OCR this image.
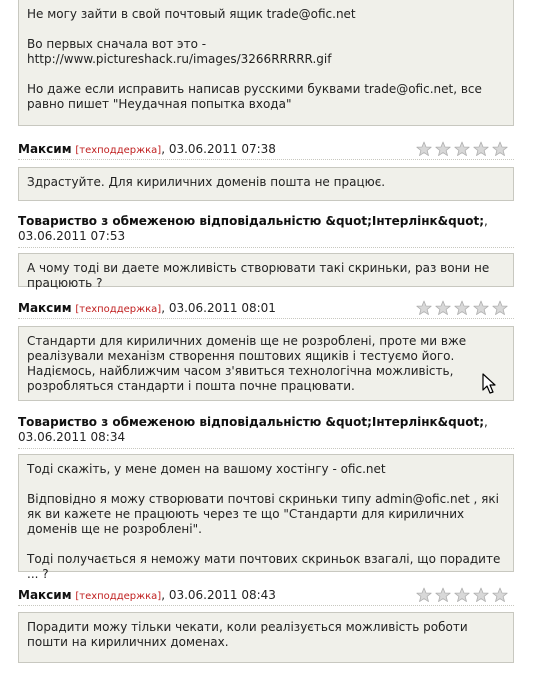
Не могу зайти в свой почтовый ящик trade@ofic.net

Во первых сначала вот это -
http://www.pictureshack.ru/images/3266RRRRR.gif

Но даже если исправить написав русскими буквами trade@ofic.net, все равно пишет "Неудачная попытка входа"

Максим [техподдержка], 03.06.2011 07:38

Здрастуйте. Для кириличних доменів пошта не працює.

Товариство з обмеженою відповідальністю &quot;Інтерлінк&quot;,
03.06.2011 07:53

А чому тоді ви даете можливість створювати такі скриньки, раз вони не працюють ?

Максим [техподдержка], 03.06.2011 08:01

Стандарти для кириличних доменів ще не розроблені, проте ми вже реалізували механізм створення поштових ящиків і тестуємо його. Надіємось, найближчим часом з'явиться технологічна можливість, розробляться стандарти і пошта почне працювати.

Товариство з обмеженою відповідальністю &quot;Інтерлінк&quot;,
03.06.2011 08:34

Тоді скажіть, у мене домен на вашому хостінгу - ofic.net

Відповідно я можу створювати почтові скриньки типу admin@ofic.net , які як ви кажете не працюють через те що "Стандарти для кириличних доменів ще не розроблені".

Тоді получається я неможу мати почтових скриньок взагалі, що порадите ... ?

Максим [техподдержка], 03.06.2011 08:43

Порадити можу тільки чекати, коли реалізується можливість роботи пошти на кириличних доменах.
